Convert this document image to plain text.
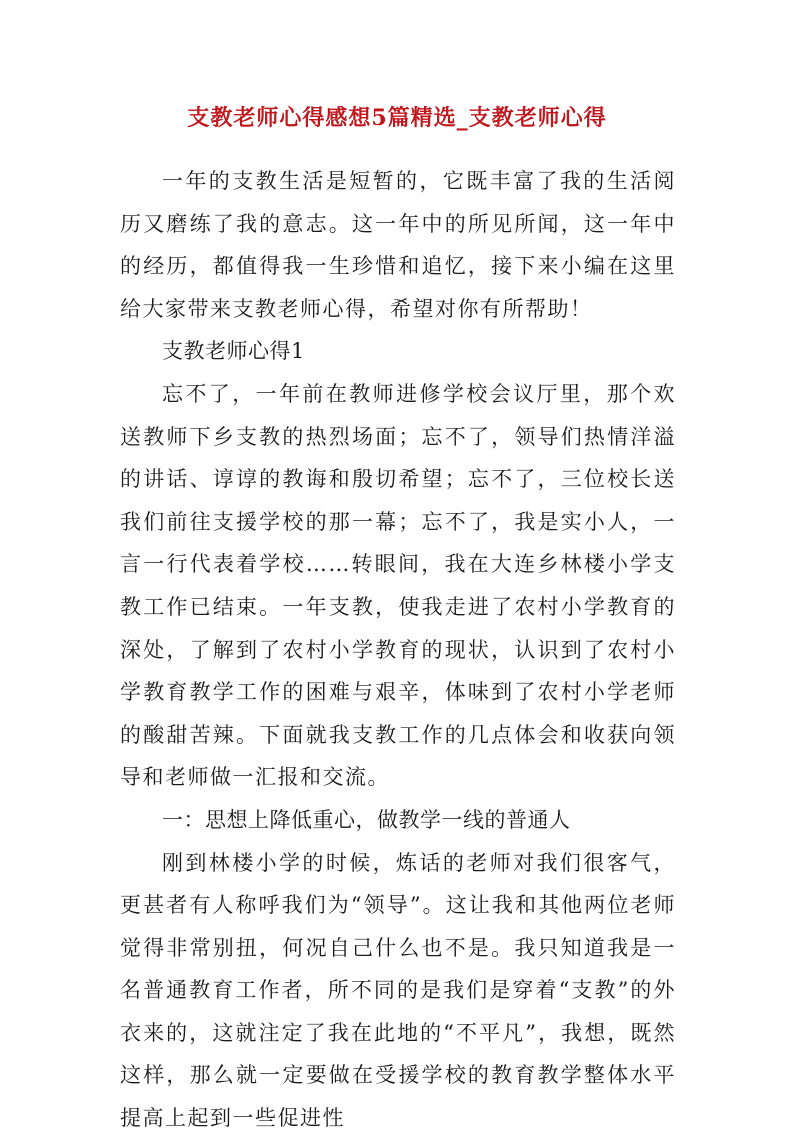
支教老师心得感想5篇精选_支教老师心得

一年的支教生活是短暂的，它既丰富了我的生活阅历又磨练了我的意志。这一年中的所见所闻，这一年中的经历，都值得我一生珍惜和追忆，接下来小编在这里给大家带来支教老师心得，希望对你有所帮助！

支教老师心得1

忘不了，一年前在教师进修学校会议厅里，那个欢送教师下乡支教的热烈场面；忘不了，领导们热情洋溢的讲话、谆谆的教诲和殷切希望；忘不了，三位校长送我们前往支援学校的那一幕；忘不了，我是实小人，一言一行代表着学校……转眼间，我在大连乡林楼小学支教工作已结束。一年支教，使我走进了农村小学教育的深处，了解到了农村小学教育的现状，认识到了农村小学教育教学工作的困难与艰辛，体味到了农村小学老师的酸甜苦辣。下面就我支教工作的几点体会和收获向领导和老师做一汇报和交流。

一：思想上降低重心，做教学一线的普通人

刚到林楼小学的时候，炼话的老师对我们很客气，更甚者有人称呼我们为“领导”。这让我和其他两位老师觉得非常别扭，何况自己什么也不是。我只知道我是一名普通教育工作者，所不同的是我们是穿着“支教”的外衣来的，这就注定了我在此地的“不平凡”，我想，既然这样，那么就一定要做在受援学校的教育教学整体水平提高上起到一些促进性
